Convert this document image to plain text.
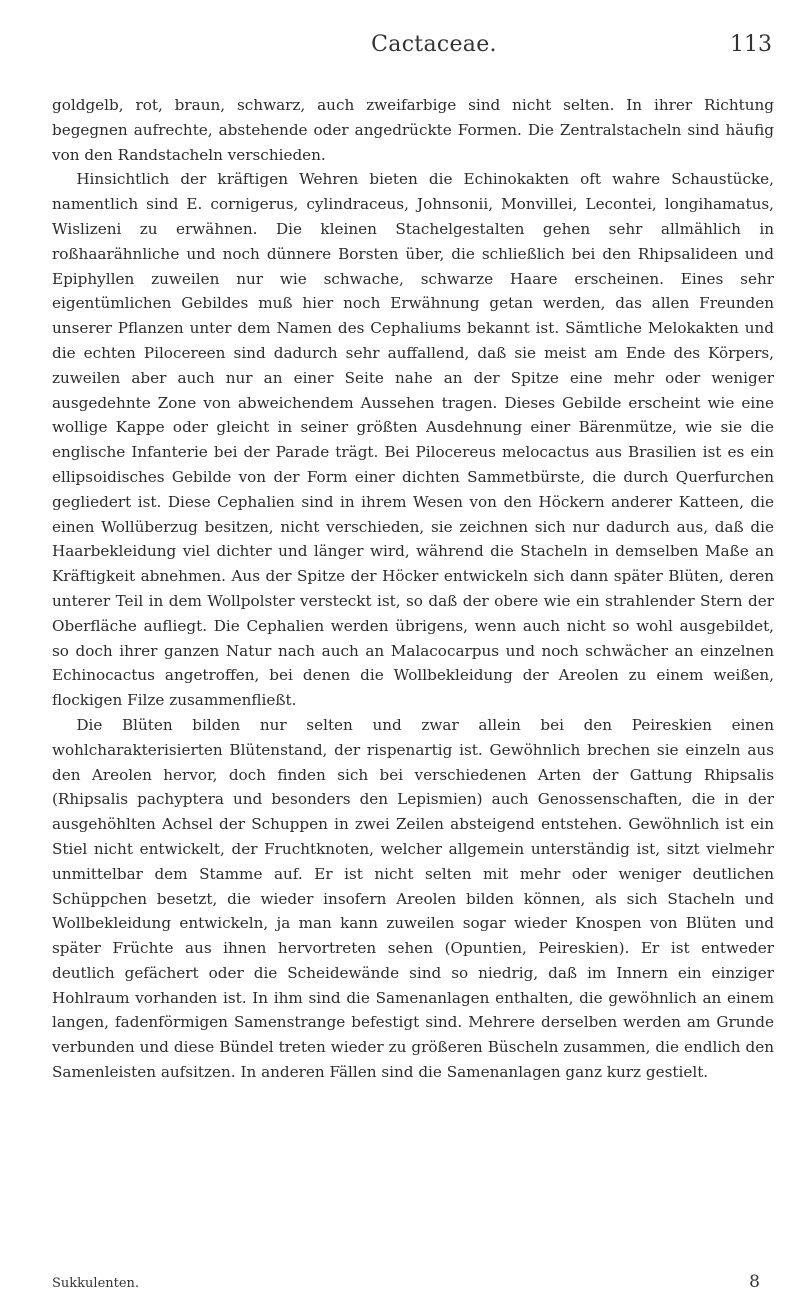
Cactaceae.	113

goldgelb, rot, braun, schwarz, auch zweifarbige sind nicht selten. In ihrer Richtung begegnen aufrechte, abstehende oder angedrückte Formen. Die Zentralstacheln sind häufig von den Randstacheln verschieden.

Hinsichtlich der kräftigen Wehren bieten die Echinokakten oft wahre Schaustücke, namentlich sind E. cornigerus, cylindraceus, Johnsonii, Monvillei, Lecontei, longihamatus, Wislizeni zu erwähnen. Die kleinen Stachelgestalten gehen sehr allmählich in roßhaarähnliche und noch dünnere Borsten über, die schließlich bei den Rhipsalideen und Epiphyllen zuweilen nur wie schwache, schwarze Haare erscheinen. Eines sehr eigentümlichen Gebildes muß hier noch Erwähnung getan werden, das allen Freunden unserer Pflanzen unter dem Namen des Cephaliums bekannt ist. Sämtliche Melokakten und die echten Pilocereen sind dadurch sehr auffallend, daß sie meist am Ende des Körpers, zuweilen aber auch nur an einer Seite nahe an der Spitze eine mehr oder weniger ausgedehnte Zone von abweichendem Aussehen tragen. Dieses Gebilde erscheint wie eine wollige Kappe oder gleicht in seiner größten Ausdehnung einer Bärenmütze, wie sie die englische Infanterie bei der Parade trägt. Bei Pilocereus melocactus aus Brasilien ist es ein ellipsoidisches Gebilde von der Form einer dichten Sammetbürste, die durch Querfurchen gegliedert ist. Diese Cephalien sind in ihrem Wesen von den Höckern anderer Katteen, die einen Wollüberzug besitzen, nicht verschieden, sie zeichnen sich nur dadurch aus, daß die Haarbekleidung viel dichter und länger wird, während die Stacheln in demselben Maße an Kräftigkeit abnehmen. Aus der Spitze der Höcker entwickeln sich dann später Blüten, deren unterer Teil in dem Wollpolster versteckt ist, so daß der obere wie ein strahlender Stern der Oberfläche aufliegt. Die Cephalien werden übrigens, wenn auch nicht so wohl ausgebildet, so doch ihrer ganzen Natur nach auch an Malacocarpus und noch schwächer an einzelnen Echinocactus angetroffen, bei denen die Wollbekleidung der Areolen zu einem weißen, flockigen Filze zusammenfließt.

Die Blüten bilden nur selten und zwar allein bei den Peireskien einen wohlcharakterisierten Blütenstand, der rispenartig ist. Gewöhnlich brechen sie einzeln aus den Areolen hervor, doch finden sich bei verschiedenen Arten der Gattung Rhipsalis (Rhipsalis pachyptera und besonders den Lepismien) auch Genossenschaften, die in der ausgehöhlten Achsel der Schuppen in zwei Zeilen absteigend entstehen. Gewöhnlich ist ein Stiel nicht entwickelt, der Fruchtknoten, welcher allgemein unterständig ist, sitzt vielmehr unmittelbar dem Stamme auf. Er ist nicht selten mit mehr oder weniger deutlichen Schüppchen besetzt, die wieder insofern Areolen bilden können, als sich Stacheln und Wollbekleidung entwickeln, ja man kann zuweilen sogar wieder Knospen von Blüten und später Früchte aus ihnen hervortreten sehen (Opuntien, Peireskien). Er ist entweder deutlich gefächert oder die Scheidewände sind so niedrig, daß im Innern ein einziger Hohlraum vorhanden ist. In ihm sind die Samenanlagen enthalten, die gewöhnlich an einem langen, fadenförmigen Samenstrange befestigt sind. Mehrere derselben werden am Grunde verbunden und diese Bündel treten wieder zu größeren Büscheln zusammen, die endlich den Samenleisten aufsitzen. In anderen Fällen sind die Samenanlagen ganz kurz gestielt.

Sukkulenten.	8
